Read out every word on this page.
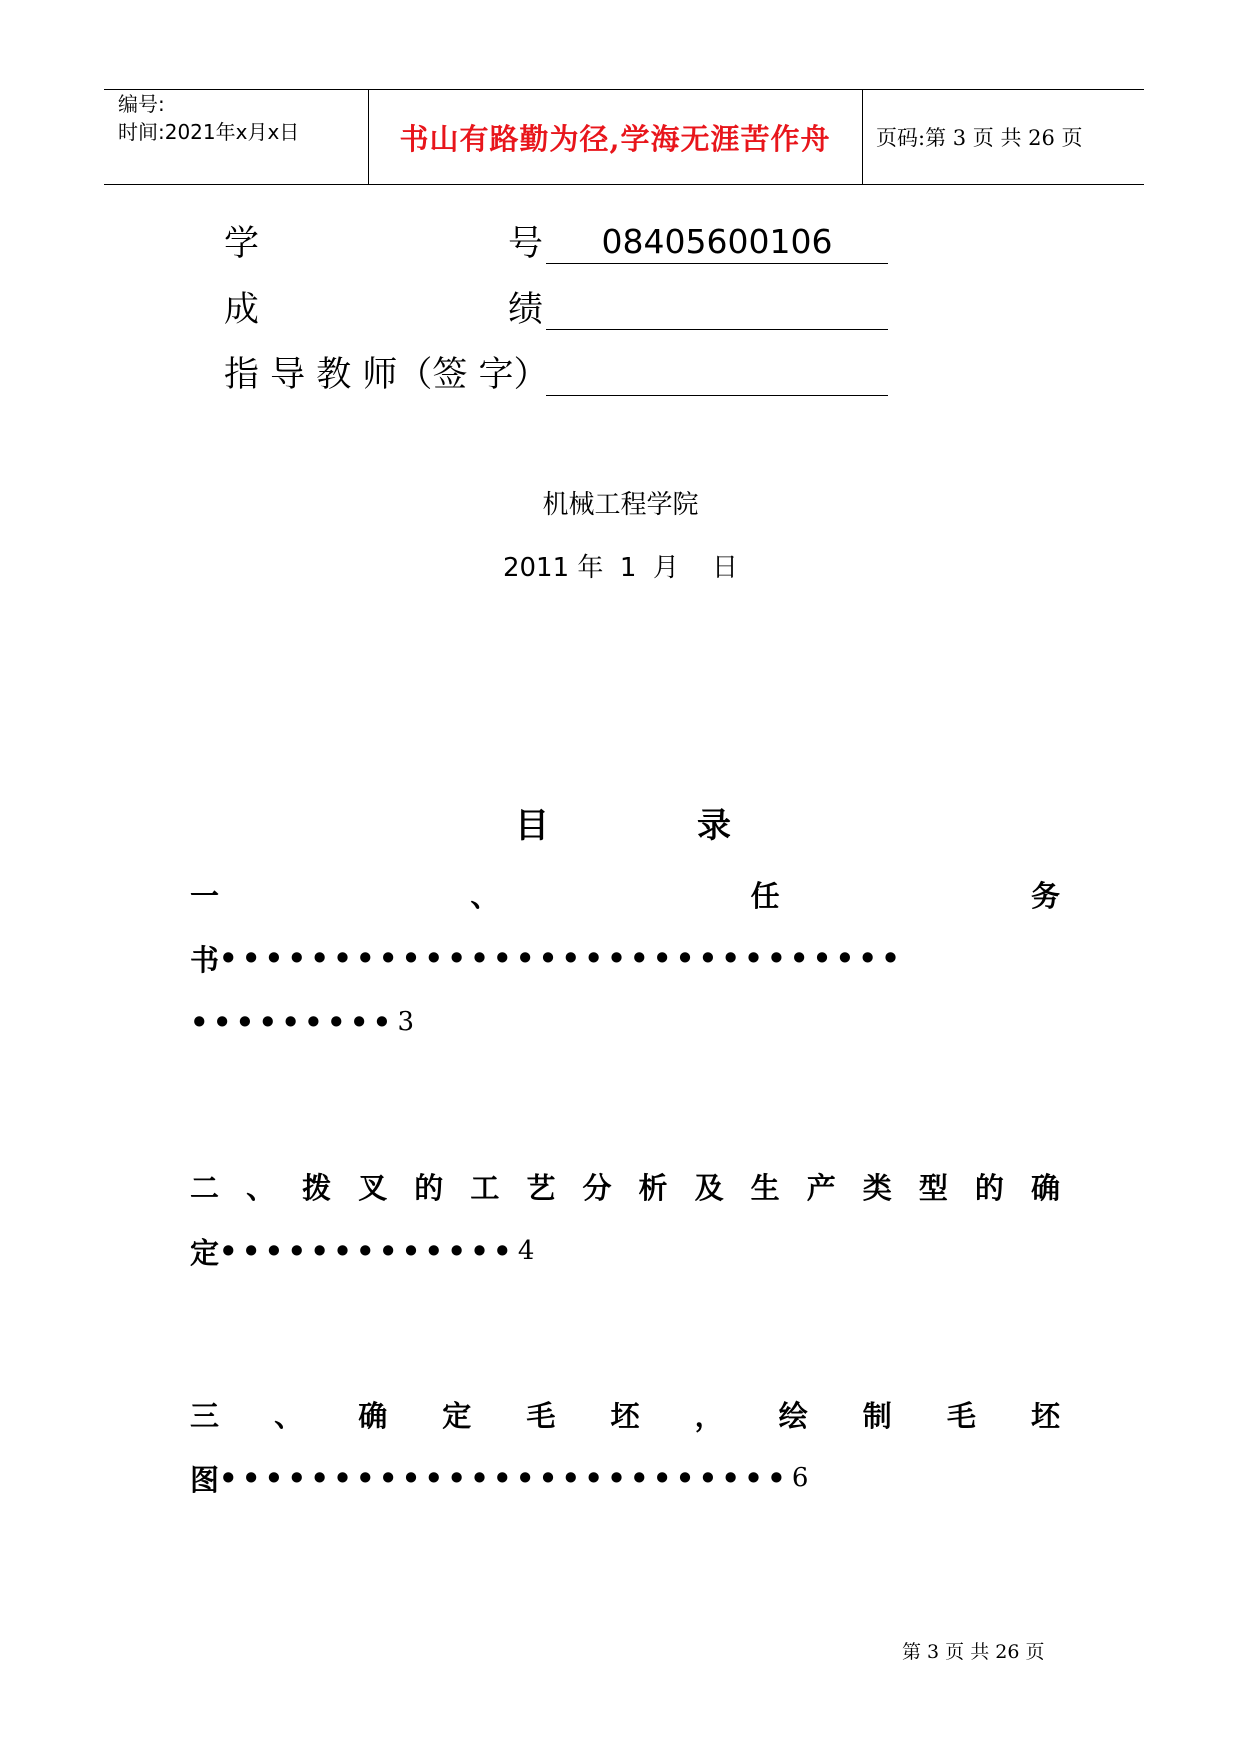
编号:
时间:2021年x月x日	书山有路勤为径,学海无涯苦作舟 页码:第 3 页 共 26 页
学	号	08405600106
成	绩
指 导 教 师（签 字）
机械工程学院
2011 年  1  月    日
目	录
一	、	任	务
书 ••••••••••••••••••••••••••••••
••••••••• 3
二 、 拨 叉 的 工 艺 分 析 及 生 产 类 型 的 确
定 ••••••••••••• 4
三 、 确 定 毛 坯 ， 绘 制 毛 坯
图 ••••••••••••••••••••••••• 6
第 3 页 共 26 页
